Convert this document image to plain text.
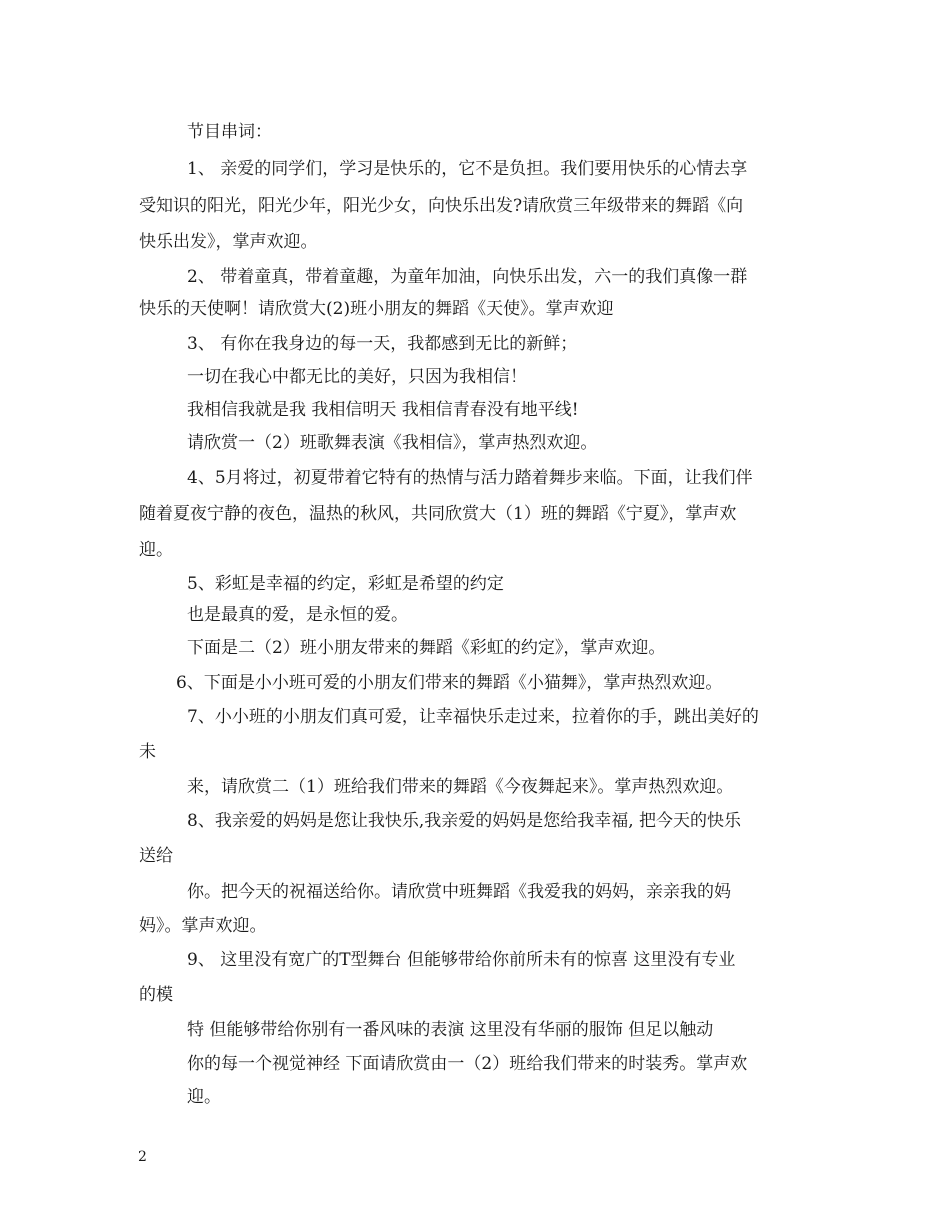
节目串词：
1、 亲爱的同学们，学习是快乐的，它不是负担。我们要用快乐的心情去享
受知识的阳光，阳光少年，阳光少女，向快乐出发?请欣赏三年级带来的舞蹈《向
快乐出发》，掌声欢迎。
2、 带着童真，带着童趣，为童年加油，向快乐出发，六一的我们真像一群
快乐的天使啊！请欣赏大(2)班小朋友的舞蹈《天使》。掌声欢迎
3、 有你在我身边的每一天，我都感到无比的新鲜；
一切在我心中都无比的美好，只因为我相信！
我相信我就是我 我相信明天 我相信青春没有地平线!
请欣赏一（2）班歌舞表演《我相信》，掌声热烈欢迎。
4、5月将过，初夏带着它特有的热情与活力踏着舞步来临。下面，让我们伴
随着夏夜宁静的夜色，温热的秋风，共同欣赏大（1）班的舞蹈《宁夏》，掌声欢
迎。
5、彩虹是幸福的约定，彩虹是希望的约定
也是最真的爱，是永恒的爱。
下面是二（2）班小朋友带来的舞蹈《彩虹的约定》，掌声欢迎。
6、下面是小小班可爱的小朋友们带来的舞蹈《小猫舞》，掌声热烈欢迎。
7、小小班的小朋友们真可爱，让幸福快乐走过来，拉着你的手，跳出美好的
未
来，请欣赏二（1）班给我们带来的舞蹈《今夜舞起来》。掌声热烈欢迎。
8、我亲爱的妈妈是您让我快乐,我亲爱的妈妈是您给我幸福, 把今天的快乐
送给
你。把今天的祝福送给你。请欣赏中班舞蹈《我爱我的妈妈，亲亲我的妈
妈》。掌声欢迎。
9、 这里没有宽广的T型舞台 但能够带给你前所未有的惊喜 这里没有专业
的模
特 但能够带给你别有一番风味的表演 这里没有华丽的服饰 但足以触动
你的每一个视觉神经 下面请欣赏由一（2）班给我们带来的时装秀。掌声欢
迎。
2
